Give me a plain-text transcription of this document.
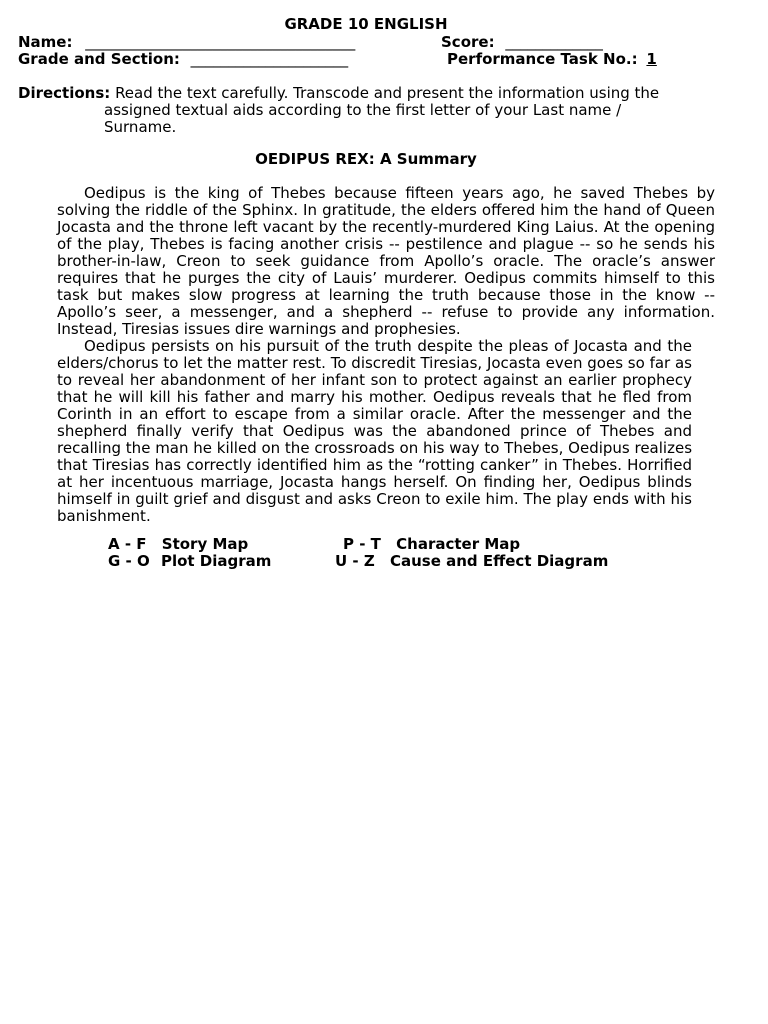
GRADE 10 ENGLISH
Name: ____________________________________	Score: _____________
Grade and Section: _____________________	Performance Task No.: 1
Directions: Read the text carefully. Transcode and present the information using the
assigned textual aids according to the first letter of your Last name /
Surname.
OEDIPUS REX: A Summary

Oedipus is the king of Thebes because fifteen years ago, he saved Thebes by solving the riddle of the Sphinx. In gratitude, the elders offered him the hand of Queen Jocasta and the throne left vacant by the recently-murdered King Laius. At the opening of the play, Thebes is facing another crisis -- pestilence and plague -- so he sends his brother-in-law, Creon to seek guidance from Apollo’s oracle. The oracle’s answer requires that he purges the city of Lauis’ murderer. Oedipus commits himself to this task but makes slow progress at learning the truth because those in the know -- Apollo’s seer, a messenger, and a shepherd -- refuse to provide any information. Instead, Tiresias issues dire warnings and prophesies.

Oedipus persists on his pursuit of the truth despite the pleas of Jocasta and the elders/chorus to let the matter rest. To discredit Tiresias, Jocasta even goes so far as to reveal her abandonment of her infant son to protect against an earlier prophecy that he will kill his father and marry his mother. Oedipus reveals that he fled from Corinth in an effort to escape from a similar oracle. After the messenger and the shepherd finally verify that Oedipus was the abandoned prince of Thebes and recalling the man he killed on the crossroads on his way to Thebes, Oedipus realizes that Tiresias has correctly identified him as the “rotting canker” in Thebes. Horrified at her incentuous marriage, Jocasta hangs herself. On finding her, Oedipus blinds himself in guilt grief and disgust and asks Creon to exile him. The play ends with his banishment.

A - F Story Map
G - O Plot Diagram
P - T Character Map
U - Z Cause and Effect Diagram
